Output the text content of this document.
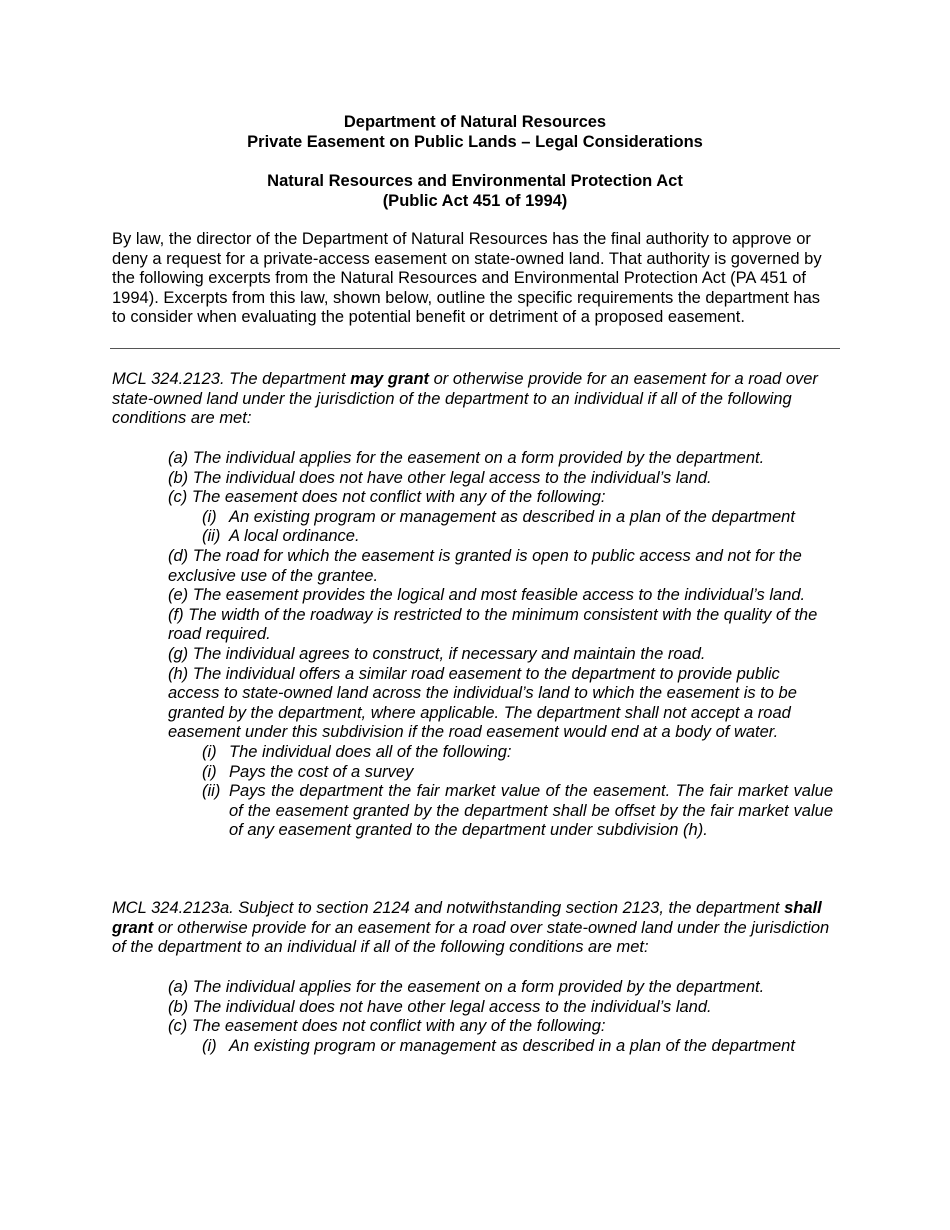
Department of Natural Resources

Private Easement on Public Lands – Legal Considerations

Natural Resources and Environmental Protection Act

(Public Act 451 of 1994)

By law, the director of the Department of Natural Resources has the final authority to approve or deny a request for a private-access easement on state-owned land. That authority is governed by the following excerpts from the Natural Resources and Environmental Protection Act (PA 451 of 1994). Excerpts from this law, shown below, outline the specific requirements the department has to consider when evaluating the potential benefit or detriment of a proposed easement.

MCL 324.2123. The department may grant or otherwise provide for an easement for a road over state-owned land under the jurisdiction of the department to an individual if all of the following conditions are met:

(a) The individual applies for the easement on a form provided by the department.
(b) The individual does not have other legal access to the individual’s land.
(c) The easement does not conflict with any of the following:
(i) An existing program or management as described in a plan of the department
(ii) A local ordinance.
(d) The road for which the easement is granted is open to public access and not for the exclusive use of the grantee.
(e) The easement provides the logical and most feasible access to the individual’s land.
(f) The width of the roadway is restricted to the minimum consistent with the quality of the road required.
(g) The individual agrees to construct, if necessary and maintain the road.
(h) The individual offers a similar road easement to the department to provide public access to state-owned land across the individual’s land to which the easement is to be granted by the department, where applicable. The department shall not accept a road easement under this subdivision if the road easement would end at a body of water.
(i) The individual does all of the following:
(i) Pays the cost of a survey
(ii) Pays the department the fair market value of the easement. The fair market value of the easement granted by the department shall be offset by the fair market value of any easement granted to the department under subdivision (h).

MCL 324.2123a. Subject to section 2124 and notwithstanding section 2123, the department shall grant or otherwise provide for an easement for a road over state-owned land under the jurisdiction of the department to an individual if all of the following conditions are met:

(a) The individual applies for the easement on a form provided by the department.
(b) The individual does not have other legal access to the individual’s land.
(c) The easement does not conflict with any of the following:
(i) An existing program or management as described in a plan of the department
